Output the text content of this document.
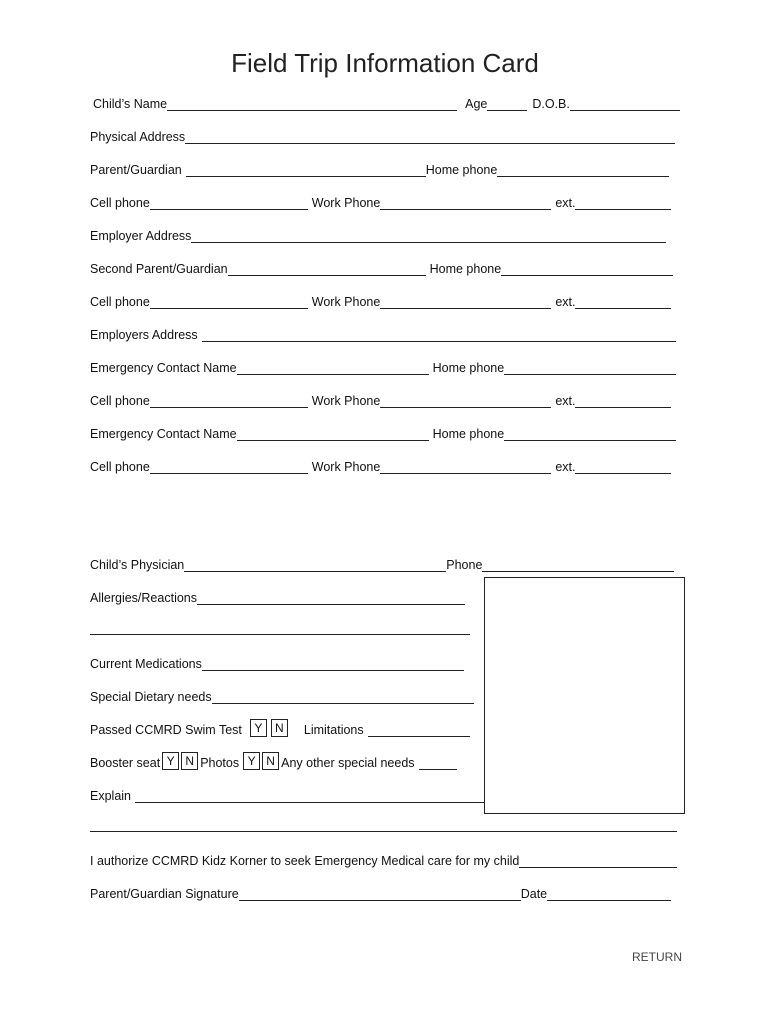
Field Trip Information Card
Child’s Name	Age	D.O.B.
Physical Address
Parent/Guardian	Home phone
Cell phone	Work Phone	ext.
Employer Address
Second Parent/Guardian	Home phone
Cell phone	Work Phone	ext.
Employers Address
Emergency Contact Name	Home phone
Cell phone	Work Phone	ext.
Emergency Contact Name	Home phone
Cell phone	Work Phone	ext.
Child’s Physician	Phone
Allergies/Reactions
Current Medications
Special Dietary needs
Passed CCMRD Swim Test	Y	N	Limitations
Booster seat Y N Photos Y N Any other special needs
Explain
I authorize CCMRD Kidz Korner to seek Emergency Medical care for my child
Parent/Guardian Signature	Date
RETURN
